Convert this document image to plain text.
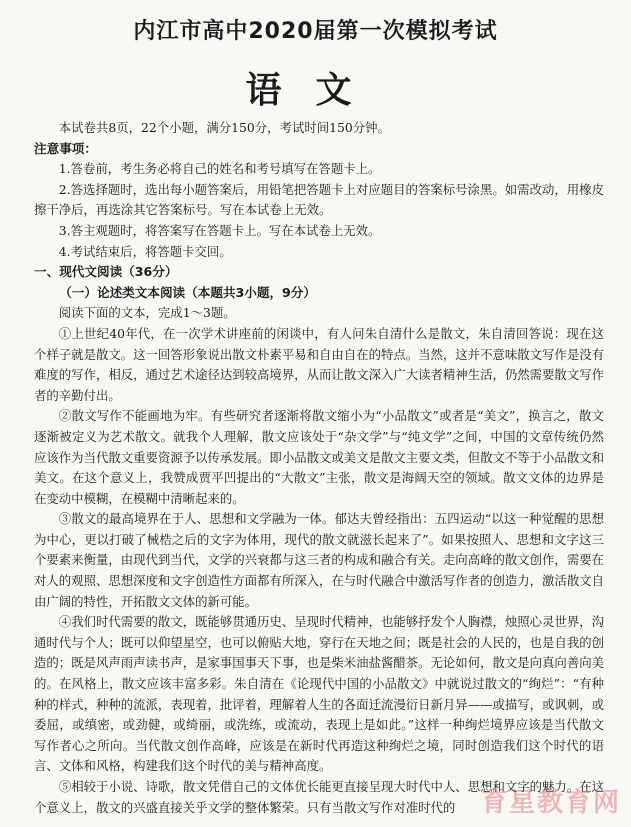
内江市高中2020届第一次模拟考试
语文

本试卷共8页，22个小题，满分150分，考试时间150分钟。

注意事项：

1.答卷前，考生务必将自己的姓名和考号填写在答题卡上。

2.答选择题时，选出每小题答案后，用铅笔把答题卡上对应题目的答案标号涂黑。如需改动，用橡皮擦干净后，再选涂其它答案标号。写在本试卷上无效。

3.答主观题时，将答案写在答题卡上。写在本试卷上无效。

4.考试结束后，将答题卡交回。

一、现代文阅读（36分）

（一）论述类文本阅读（本题共3小题，9分）

阅读下面的文本，完成1～3题。

①上世纪40年代，在一次学术讲座前的闲谈中，有人问朱自清什么是散文，朱自清回答说：现在这个样子就是散文。这一回答形象说出散文朴素平易和自由自在的特点。当然，这并不意味散文写作是没有难度的写作，相反，通过艺术途径达到较高境界，从而让散文深入广大读者精神生活，仍然需要散文写作者的辛勤付出。

②散文写作不能画地为牢。有些研究者逐渐将散文缩小为“小品散文”或者是“美文”，换言之，散文逐渐被定义为艺术散文。就我个人理解，散文应该处于“杂文学”与“纯文学”之间，中国的文章传统仍然应该作为当代散文重要资源予以传承发展。即小品散文或美文是散文主要文类，但散文不等于小品散文和美文。在这个意义上，我赞成贾平凹提出的“大散文”主张，散文是海阔天空的领域。散文文体的边界是在变动中模糊，在模糊中清晰起来的。

③散文的最高境界在于人、思想和文学融为一体。郁达夫曾经指出：五四运动“以这一种觉醒的思想为中心，更以打破了械梏之后的文字为体用，现代的散文就滋长起来了”。如果按照人、思想和文字这三个要素来衡量，由现代到当代，文学的兴衰都与这三者的构成和融合有关。走向高峰的散文创作，需要在对人的观照、思想深度和文字创造性方面都有所深入，在与时代融合中激活写作者的创造力，激活散文自由广阔的特性，开拓散文文体的新可能。

④我们时代需要的散文，既能够贯通历史、呈现时代精神，也能够抒发个人胸襟，烛照心灵世界，沟通时代与个人；既可以仰望星空，也可以俯贴大地，穿行在天地之间；既是社会的人民的，也是自我的创造的；既是风声雨声读书声，是家事国事天下事，也是柴米油盐酱醋茶。无论如何，散文是向真向善向美的。在风格上，散文应该丰富多彩。朱自清在《论现代中国的小品散文》中就说过散文的“绚烂”：“有种种的样式，种种的流派，表现着，批评着，理解着人生的各面迁流漫衍日新月异——或描写，或讽刺，或委屈，或缜密，或劲健，或绮丽，或洗练，或流动，表现上是如此。”这样一种绚烂境界应该是当代散文写作者心之所向。当代散文创作高峰，应该是在新时代再造这种绚烂之境，同时创造我们这个时代的语言、文体和风格，构建我们这个时代的美与精神高度。

⑤相较于小说、诗歌，散文凭借自己的文体优长能更直接呈现大时代中人、思想和文字的魅力。在这个意义上，散文的兴盛直接关乎文学的整体繁荣。只有当散文写作对准时代的 育星教育网
